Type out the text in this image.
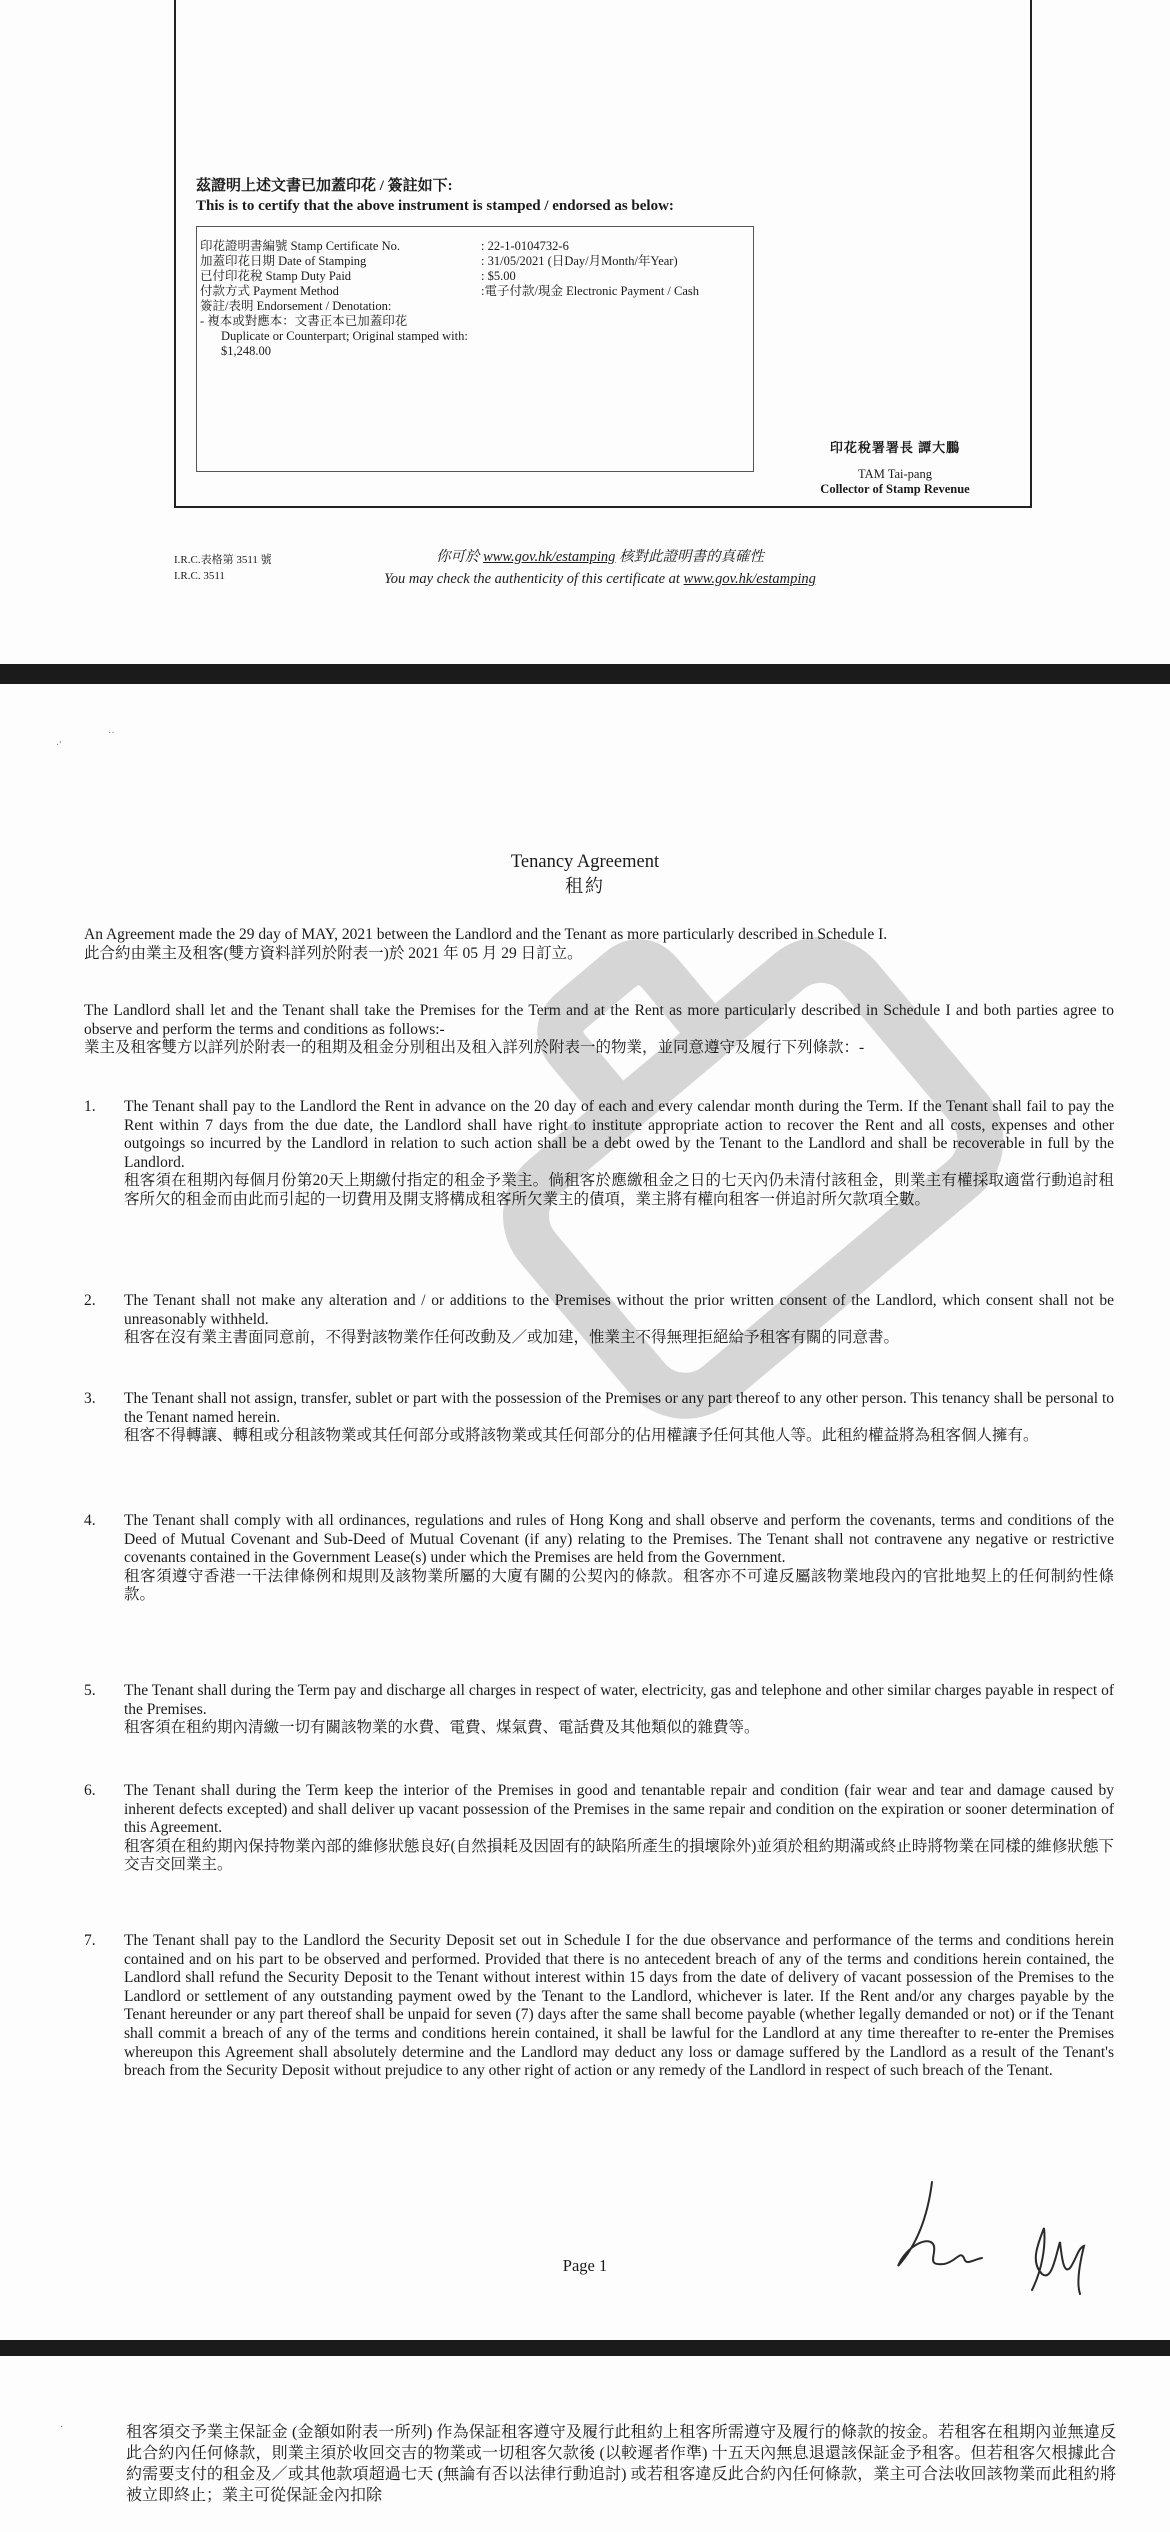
茲證明上述文書已加蓋印花 / 簽註如下:
This is to certify that the above instrument is stamped / endorsed as below:
印花證明書編號 Stamp Certificate No.	: 22-1-0104732-6
加蓋印花日期 Date of Stamping	: 31/05/2021 (日Day/月Month/年Year)
已付印花稅 Stamp Duty Paid	: $5.00
付款方式 Payment Method	:電子付款/現金 Electronic Payment / Cash
簽註/表明 Endorsement / Denotation:
- 複本或對應本：文書正本已加蓋印花
Duplicate or Counterpart; Original stamped with:
$1,248.00
印花稅署署長 譚大鵬
TAM Tai-pang
Collector of Stamp Revenue
I.R.C.表格第 3511 號
I.R.C. 3511
你可於 www.gov.hk/estamping 核對此證明書的真確性
You may check the authenticity of this certificate at www.gov.hk/estamping
·'
··
Tenancy Agreement
租約
An Agreement made the 29 day of MAY, 2021 between the Landlord and the Tenant as more particularly described in Schedule I.
此合約由業主及租客(雙方資料詳列於附表一)於 2021 年 05 月 29 日訂立。
The Landlord shall let and the Tenant shall take the Premises for the Term and at the Rent as more particularly described in Schedule I and both parties agree to observe and perform the terms and conditions as follows:-
業主及租客雙方以詳列於附表一的租期及租金分別租出及租入詳列於附表一的物業，並同意遵守及履行下列條款：-
1.	The Tenant shall pay to the Landlord the Rent in advance on the 20 day of each and every calendar month during the Term. If the Tenant shall fail to pay the Rent within 7 days from the due date, the Landlord shall have right to institute appropriate action to recover the Rent and all costs, expenses and other outgoings so incurred by the Landlord in relation to such action shall be a debt owed by the Tenant to the Landlord and shall be recoverable in full by the Landlord.
租客須在租期內每個月份第20天上期繳付指定的租金予業主。倘租客於應繳租金之日的七天內仍未清付該租金，則業主有權採取適當行動追討租客所欠的租金而由此而引起的一切費用及開支將構成租客所欠業主的債項，業主將有權向租客一併追討所欠款項全數。
2.	The Tenant shall not make any alteration and / or additions to the Premises without the prior written consent of the Landlord, which consent shall not be unreasonably withheld.
租客在沒有業主書面同意前，不得對該物業作任何改動及／或加建，惟業主不得無理拒絕給予租客有關的同意書。
3.	The Tenant shall not assign, transfer, sublet or part with the possession of the Premises or any part thereof to any other person. This tenancy shall be personal to the Tenant named herein.
租客不得轉讓、轉租或分租該物業或其任何部分或將該物業或其任何部分的佔用權讓予任何其他人等。此租約權益將為租客個人擁有。
4.	The Tenant shall comply with all ordinances, regulations and rules of Hong Kong and shall observe and perform the covenants, terms and conditions of the Deed of Mutual Covenant and Sub-Deed of Mutual Covenant (if any) relating to the Premises. The Tenant shall not contravene any negative or restrictive covenants contained in the Government Lease(s) under which the Premises are held from the Government.
租客須遵守香港一干法律條例和規則及該物業所屬的大廈有關的公契內的條款。租客亦不可違反屬該物業地段內的官批地契上的任何制約性條款。
5.	The Tenant shall during the Term pay and discharge all charges in respect of water, electricity, gas and telephone and other similar charges payable in respect of the Premises.
租客須在租約期內清繳一切有關該物業的水費、電費、煤氣費、電話費及其他類似的雜費等。
6.	The Tenant shall during the Term keep the interior of the Premises in good and tenantable repair and condition (fair wear and tear and damage caused by inherent defects excepted) and shall deliver up vacant possession of the Premises in the same repair and condition on the expiration or sooner determination of this Agreement.
租客須在租約期內保持物業內部的維修狀態良好(自然損耗及因固有的缺陷所產生的損壞除外)並須於租約期滿或終止時將物業在同樣的維修狀態下交吉交回業主。
7.	The Tenant shall pay to the Landlord the Security Deposit set out in Schedule I for the due observance and performance of the terms and conditions herein contained and on his part to be observed and performed. Provided that there is no antecedent breach of any of the terms and conditions herein contained, the Landlord shall refund the Security Deposit to the Tenant without interest within 15 days from the date of delivery of vacant possession of the Premises to the Landlord or settlement of any outstanding payment owed by the Tenant to the Landlord, whichever is later. If the Rent and/or any charges payable by the Tenant hereunder or any part thereof shall be unpaid for seven (7) days after the same shall become payable (whether legally demanded or not) or if the Tenant shall commit a breach of any of the terms and conditions herein contained, it shall be lawful for the Landlord at any time thereafter to re-enter the Premises whereupon this Agreement shall absolutely determine and the Landlord may deduct any loss or damage suffered by the Landlord as a result of the Tenant's breach from the Security Deposit without prejudice to any other right of action or any remedy of the Landlord in respect of such breach of the Tenant.
Page 1
·	租客須交予業主保証金 (金額如附表一所列) 作為保証租客遵守及履行此租約上租客所需遵守及履行的條款的按金。若租客在租期內並無違反此合約內任何條款，則業主須於收回交吉的物業或一切租客欠款後 (以較遲者作準) 十五天內無息退還該保証金予租客。但若租客欠根據此合約需要支付的租金及／或其他款項超過七天 (無論有否以法律行動追討) 或若租客違反此合約內任何條款，業主可合法收回該物業而此租約將被立即終止；業主可從保証金內扣除
